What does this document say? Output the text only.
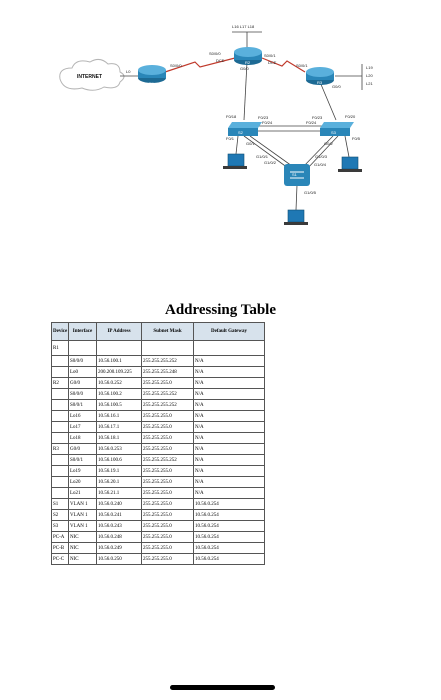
INTERNET
L16 L17 L18
L19
L20
L21
R1
R2
R3
S2	S3
S1
L0
S0/0/0
S0/0/0
DCE
G0/0
S0/0/1
DCE
S0/0/1
G0/0
F0/18	F0/23
F0/24
F0/1
G0/1
F0/23
F0/24
F0/20
F0/5
G0/2
G1/0/1
G1/0/2
G1/0/3
G1/0/4
G1/0/5
Addressing Table
Device	Interface	IP Address	Subnet Mask	Default Gateway
R1				
	S0/0/0	10.56.100.1	255.255.255.252	N/A
	Lo0	200.200.109.225	255.255.255.248	N/A
R2	G0/0	10.56.0.252	255.255.255.0	N/A
	S0/0/0	10.56.100.2	255.255.255.252	N/A
	S0/0/1	10.56.100.5	255.255.255.252	N/A
	Lo16	10.56.16.1	255.255.255.0	N/A
	Lo17	10.56.17.1	255.255.255.0	N/A
	Lo18	10.56.18.1	255.255.255.0	N/A
R3	G0/0	10.56.0.253	255.255.255.0	N/A
	S0/0/1	10.56.100.6	255.255.255.252	N/A
	Lo19	10.56.19.1	255.255.255.0	N/A
	Lo20	10.56.20.1	255.255.255.0	N/A
	Lo21	10.56.21.1	255.255.255.0	N/A
S1	VLAN 1	10.56.0.240	255.255.255.0	10.56.0.254
S2	VLAN 1	10.56.0.241	255.255.255.0	10.56.0.254
S3	VLAN 1	10.56.0.243	255.255.255.0	10.56.0.254
PC-A	NIC	10.56.0.248	255.255.255.0	10.56.0.254
PC-B	NIC	10.56.0.249	255.255.255.0	10.56.0.254
PC-C	NIC	10.56.0.250	255.255.255.0	10.56.0.254
